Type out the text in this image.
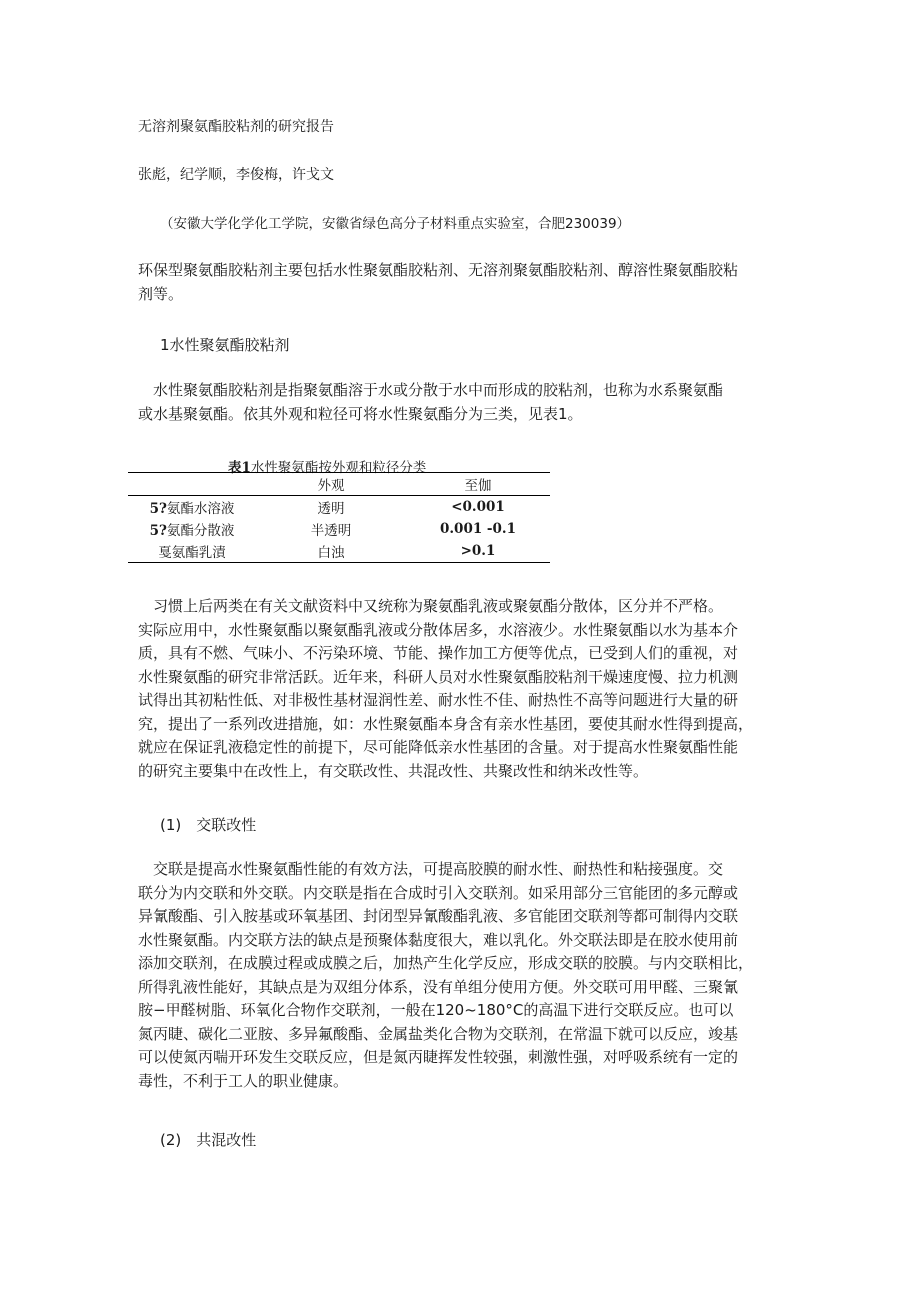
无溶剂聚氨酯胶粘剂的研究报告
张彪，纪学顺，李俊梅，许戈文
（安徽大学化学化工学院，安徽省绿色高分子材料重点实验室，合肥230039）
环保型聚氨酯胶粘剂主要包括水性聚氨酯胶粘剂、无溶剂聚氨酯胶粘剂、醇溶性聚氨酯胶粘
剂等。
1水性聚氨酯胶粘剂
　水性聚氨酯胶粘剂是指聚氨酯溶于水或分散于水中而形成的胶粘剂，也称为水系聚氨酯
或水基聚氨酯。依其外观和粒径可将水性聚氨酯分为三类，见表1。
表1水性聚氨酯按外观和粒径分类
	外观	至伽
5?氨酯水溶液	透明	<0.001
5?氨酯分散液	半透明	0.001 -0.1
戛氨酯乳漬	白浊	>0.1
　习惯上后两类在有关文献资料中又统称为聚氨酯乳液或聚氨酯分散体，区分并不严格。
实际应用中，水性聚氨酯以聚氨酯乳液或分散体居多，水溶液少。水性聚氨酯以水为基本介
质，具有不燃、气味小、不污染环境、节能、操作加工方便等优点，已受到人们的重视，对
水性聚氨酯的研究非常活跃。近年来，科研人员对水性聚氨酯胶粘剂干燥速度慢、拉力机测
试得出其初粘性低、对非极性基材湿润性差、耐水性不佳、耐热性不高等问题进行大量的研
究，提出了一系列改进措施，如：水性聚氨酯本身含有亲水性基团，要使其耐水性得到提高，
就应在保证乳液稳定性的前提下，尽可能降低亲水性基团的含量。对于提高水性聚氨酯性能
的研究主要集中在改性上，有交联改性、共混改性、共聚改性和纳米改性等。
(1)　交联改性
　交联是提高水性聚氨酯性能的有效方法，可提高胶膜的耐水性、耐热性和粘接强度。交
联分为内交联和外交联。内交联是指在合成时引入交联剂。如采用部分三官能团的多元醇或
异氰酸酯、引入胺基或环氧基团、封闭型异氰酸酯乳液、多官能团交联剂等都可制得内交联
水性聚氨酯。内交联方法的缺点是预聚体黏度很大，难以乳化。外交联法即是在胶水使用前
添加交联剂，在成膜过程或成膜之后，加热产生化学反应，形成交联的胶膜。与内交联相比，
所得乳液性能好，其缺点是为双组分体系，没有单组分使用方便。外交联可用甲醛、三聚氰
胺−甲醛树脂、环氧化合物作交联剂，一般在120~180°C的高温下进行交联反应。也可以
氮丙睫、碳化二亚胺、多异氟酸酯、金属盐类化合物为交联剂，在常温下就可以反应，竣基
可以使氮丙喘开环发生交联反应，但是氮丙睫挥发性较强，刺激性强，对呼吸系统有一定的
毒性，不利于工人的职业健康。
(2)　共混改性
